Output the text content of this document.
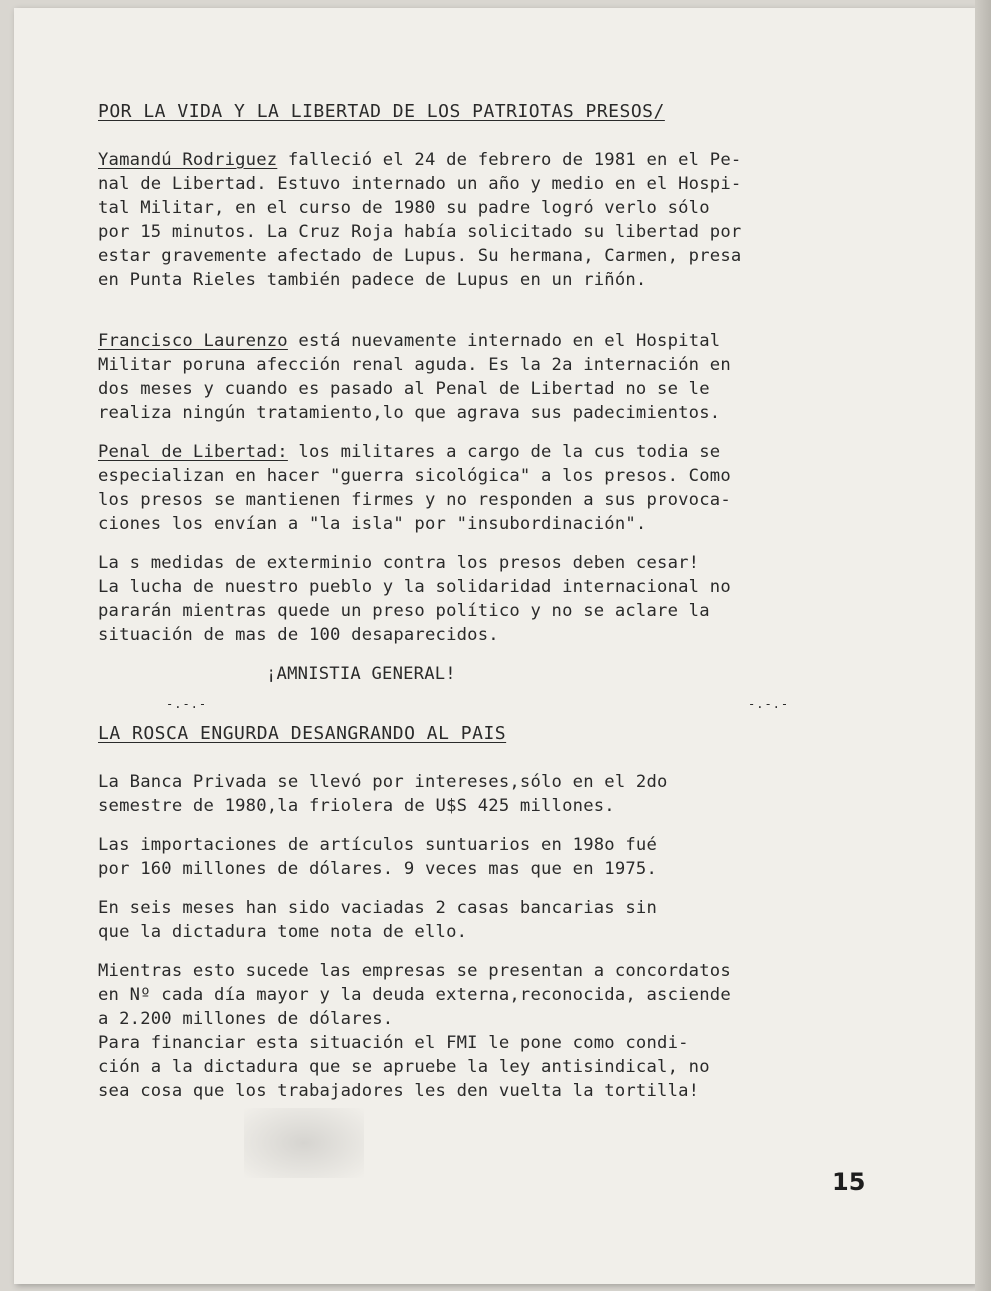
POR LA VIDA Y LA LIBERTAD DE LOS PATRIOTAS PRESOS/
Yamandú Rodriguez falleció el 24 de febrero de 1981 en el Pe-
nal de Libertad. Estuvo internado un año y medio en el Hospi-
tal Militar, en el curso de 1980 su padre logró verlo sólo
por 15 minutos. La Cruz Roja había solicitado su libertad por
estar gravemente afectado de Lupus. Su hermana, Carmen, presa
en Punta Rieles también padece de Lupus en un riñón.
Francisco Laurenzo está nuevamente internado en el Hospital
Militar poruna afección renal aguda. Es la 2a internación en
dos meses y cuando es pasado al Penal de Libertad no se le
realiza ningún tratamiento,lo que agrava sus padecimientos.
Penal de Libertad: los militares a cargo de la cus todia se
especializan en hacer "guerra sicológica" a los presos. Como
los presos se mantienen firmes y no responden a sus provoca-
ciones los envían a "la isla" por "insubordinación".
La s medidas de exterminio contra los presos deben cesar!
La lucha de nuestro pueblo y la solidaridad internacional no
pararán mientras quede un preso político y no se aclare la
situación de mas de 100 desaparecidos.
¡AMNISTIA GENERAL!
-.-.-	-.-.-
LA ROSCA ENGURDA DESANGRANDO AL PAIS
La Banca Privada se llevó por intereses,sólo en el 2do
semestre de 1980,la friolera de U$S 425 millones.
Las importaciones de artículos suntuarios en 198o fué
por 160 millones de dólares. 9 veces mas que en 1975.
En seis meses han sido vaciadas 2 casas bancarias sin
que la dictadura tome nota de ello.
Mientras esto sucede las empresas se presentan a concordatos
en Nº cada día mayor y la deuda externa,reconocida, asciende
a 2.200 millones de dólares.
Para financiar esta situación el FMI le pone como condi-
ción a la dictadura que se apruebe la ley antisindical, no
sea cosa que los trabajadores les den vuelta la tortilla!
15
